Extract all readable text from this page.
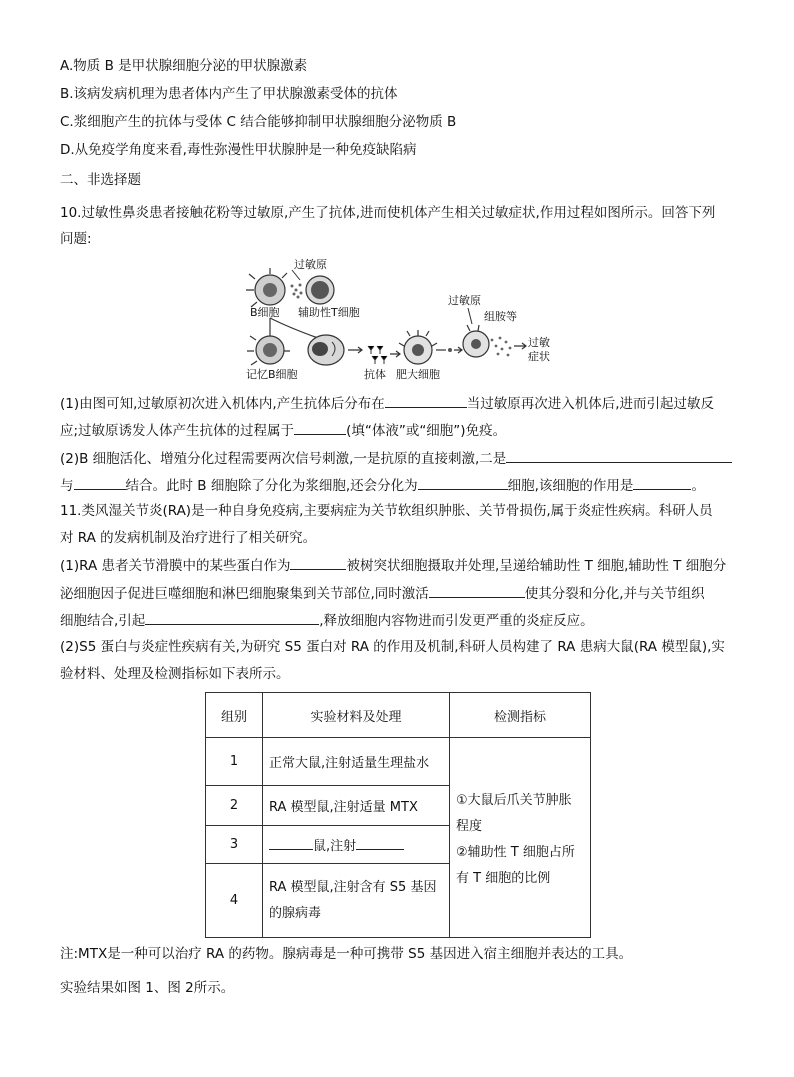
A.物质 B 是甲状腺细胞分泌的甲状腺激素
B.该病发病机理为患者体内产生了甲状腺激素受体的抗体
C.浆细胞产生的抗体与受体 C 结合能够抑制甲状腺细胞分泌物质 B
D.从免疫学角度来看,毒性弥漫性甲状腺肿是一种免疫缺陷病
二、非选择题
10.过敏性鼻炎患者接触花粉等过敏原,产生了抗体,进而使机体产生相关过敏症状,作用过程如图所示。回答下列
问题:
过敏原
B细胞 辅助性T细胞
记忆B细胞	抗体 肥大细胞
过敏原
组胺等
过敏
症状
(1)由图可知,过敏原初次进入机体内,产生抗体后分布在	当过敏原再次进入机体后,进而引起过敏反
应;过敏原诱发人体产生抗体的过程属于	(填“体液”或“细胞”)免疫。
(2)B 细胞活化、增殖分化过程需要两次信号刺激,一是抗原的直接刺激,二是
与	结合。此时 B 细胞除了分化为浆细胞,还会分化为	细胞,该细胞的作用是	。
11.类风湿关节炎(RA)是一种自身免疫病,主要病症为关节软组织肿胀、关节骨损伤,属于炎症性疾病。科研人员
对 RA 的发病机制及治疗进行了相关研究。
(1)RA 患者关节滑膜中的某些蛋白作为	被树突状细胞摄取并处理,呈递给辅助性 T 细胞,辅助性 T 细胞分
泌细胞因子促进巨噬细胞和淋巴细胞聚集到关节部位,同时激活	使其分裂和分化,并与关节组织
细胞结合,引起	,释放细胞内容物进而引发更严重的炎症反应。
(2)S5 蛋白与炎症性疾病有关,为研究 S5 蛋白对 RA 的作用及机制,科研人员构建了 RA 患病大鼠(RA 模型鼠),实
验材料、处理及检测指标如下表所示。
组别	实验材料及处理	检测指标
1	正常大鼠,注射适量生理盐水	①大鼠后爪关节肿胀
程度
②辅助性 T 细胞占所
有 T 细胞的比例

2	RA 模型鼠,注射适量 MTX	
3	鼠,注射	
4	RA 模型鼠,注射含有 S5 基因
的腺病毒	
注:MTX是一种可以治疗 RA 的药物。腺病毒是一种可携带 S5 基因进入宿主细胞并表达的工具。
实验结果如图 1、图 2所示。
